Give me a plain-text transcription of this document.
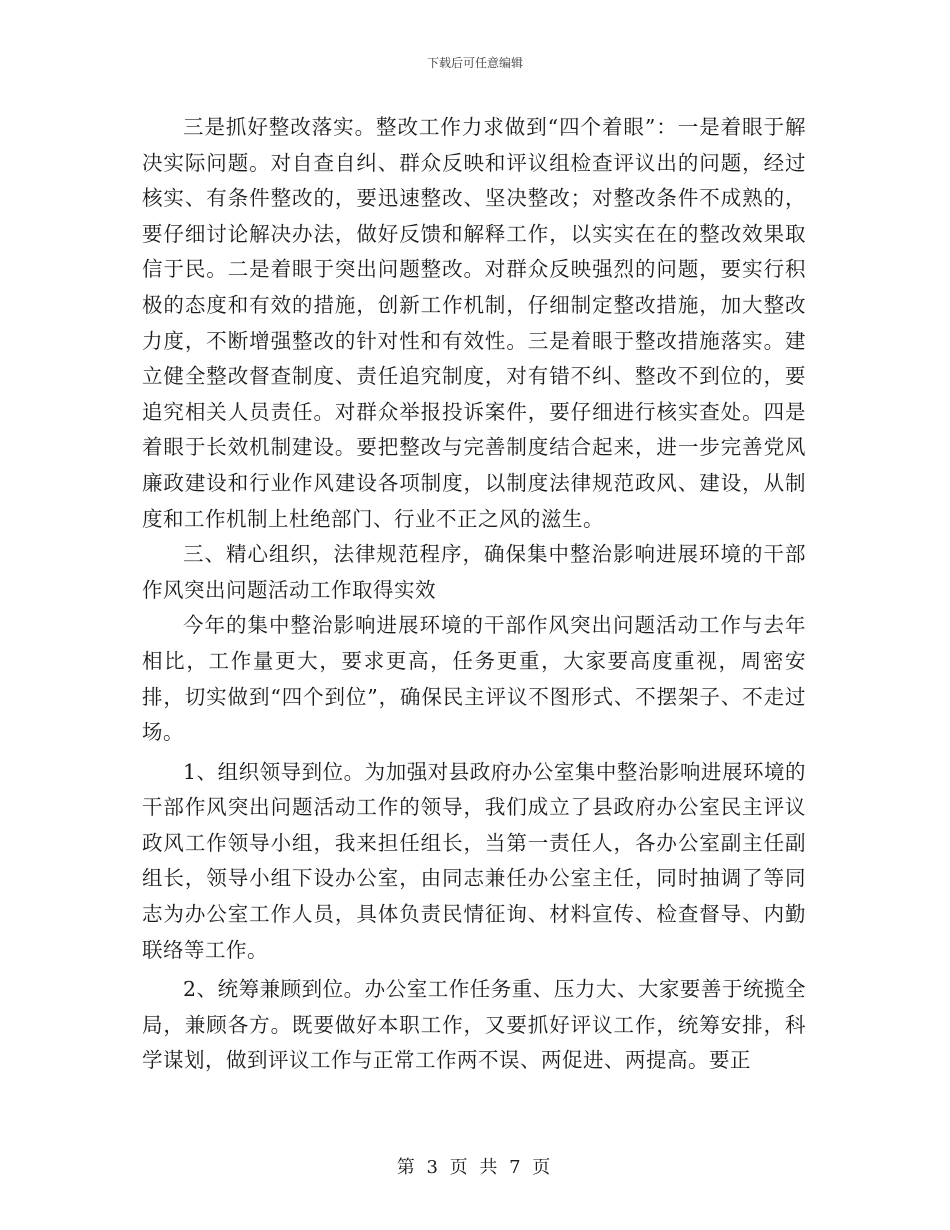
下载后可任意编辑

三是抓好整改落实。整改工作力求做到“四个着眼”：一是着眼于解决实际问题。对自查自纠、群众反映和评议组检查评议出的问题，经过核实、有条件整改的，要迅速整改、坚决整改；对整改条件不成熟的，要仔细讨论解决办法，做好反馈和解释工作，以实实在在的整改效果取信于民。二是着眼于突出问题整改。对群众反映强烈的问题，要实行积极的态度和有效的措施，创新工作机制，仔细制定整改措施，加大整改力度，不断增强整改的针对性和有效性。三是着眼于整改措施落实。建立健全整改督查制度、责任追究制度，对有错不纠、整改不到位的，要追究相关人员责任。对群众举报投诉案件，要仔细进行核实查处。四是着眼于长效机制建设。要把整改与完善制度结合起来，进一步完善党风廉政建设和行业作风建设各项制度，以制度法律规范政风、建设，从制度和工作机制上杜绝部门、行业不正之风的滋生。

三、精心组织，法律规范程序，确保集中整治影响进展环境的干部作风突出问题活动工作取得实效

今年的集中整治影响进展环境的干部作风突出问题活动工作与去年相比，工作量更大，要求更高，任务更重，大家要高度重视，周密安排，切实做到“四个到位”，确保民主评议不图形式、不摆架子、不走过场。

1、组织领导到位。为加强对县政府办公室集中整治影响进展环境的干部作风突出问题活动工作的领导，我们成立了县政府办公室民主评议政风工作领导小组，我来担任组长，当第一责任人，各办公室副主任副组长，领导小组下设办公室，由同志兼任办公室主任，同时抽调了等同志为办公室工作人员，具体负责民情征询、材料宣传、检查督导、内勤联络等工作。

2、统筹兼顾到位。办公室工作任务重、压力大、大家要善于统揽全局，兼顾各方。既要做好本职工作，又要抓好评议工作，统筹安排，科学谋划，做到评议工作与正常工作两不误、两促进、两提高。要正

第 3 页 共 7 页
